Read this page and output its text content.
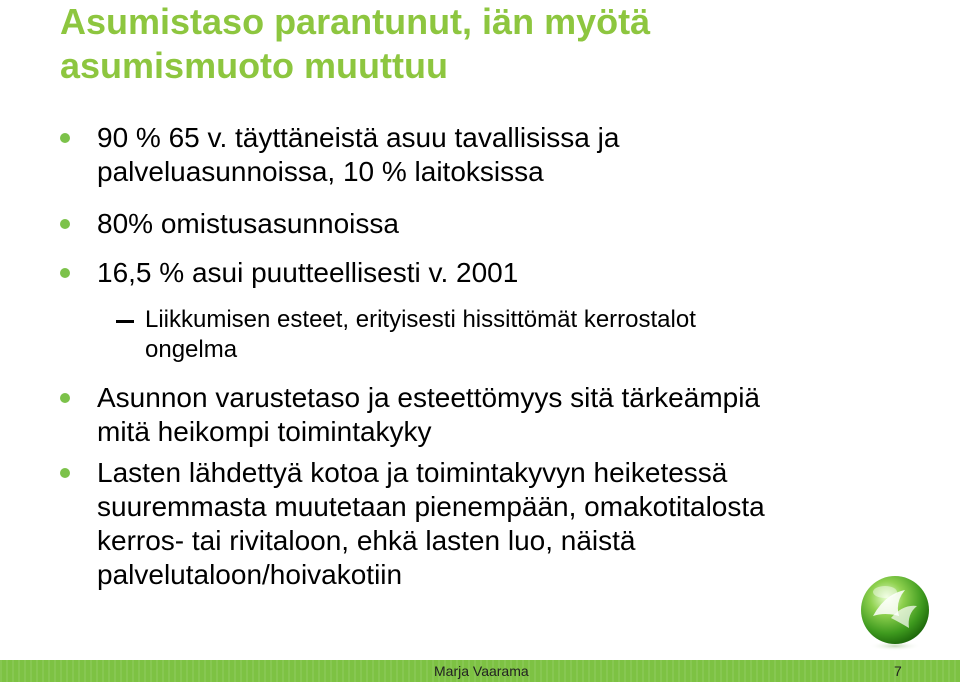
Asumistaso parantunut, iän myötä
asumismuoto muuttuu
90 % 65 v. täyttäneistä asuu tavallisissa ja
palveluasunnoissa, 10 % laitoksissa
80% omistusasunnoissa
16,5 % asui puutteellisesti v. 2001
Liikkumisen esteet, erityisesti hissittömät kerrostalot
ongelma
Asunnon varustetaso ja esteettömyys sitä tärkeämpiä
mitä heikompi toimintakyky
Lasten lähdettyä kotoa ja toimintakyvyn heiketessä
suuremmasta muutetaan pienempään, omakotitalosta
kerros- tai rivitaloon, ehkä lasten luo, näistä
palvelutaloon/hoivakotiin
Marja Vaarama	7
